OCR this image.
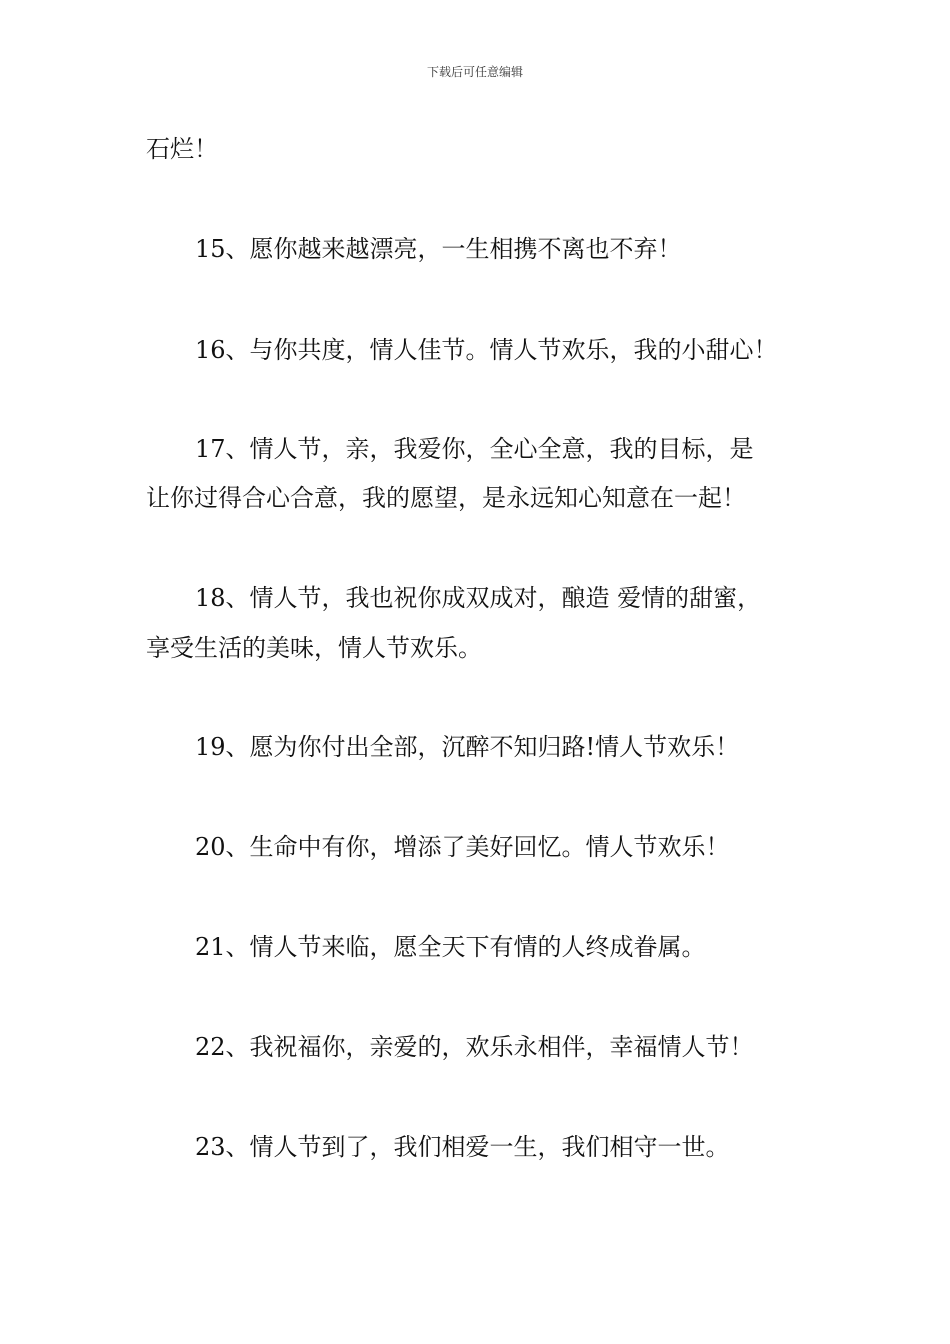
下载后可任意编辑
石烂！
15、愿你越来越漂亮，一生相携不离也不弃！
16、与你共度，情人佳节。情人节欢乐，我的小甜心！
17、情人节，亲，我爱你，全心全意，我的目标，是
让你过得合心合意，我的愿望，是永远知心知意在一起！
18、情人节，我也祝你成双成对，酿造 爱情的甜蜜，
享受生活的美味，情人节欢乐。
19、愿为你付出全部，沉醉不知归路!情人节欢乐！
20、生命中有你，增添了美好回忆。情人节欢乐！
21、情人节来临，愿全天下有情的人终成眷属。
22、我祝福你，亲爱的，欢乐永相伴，幸福情人节！
23、情人节到了，我们相爱一生，我们相守一世。
